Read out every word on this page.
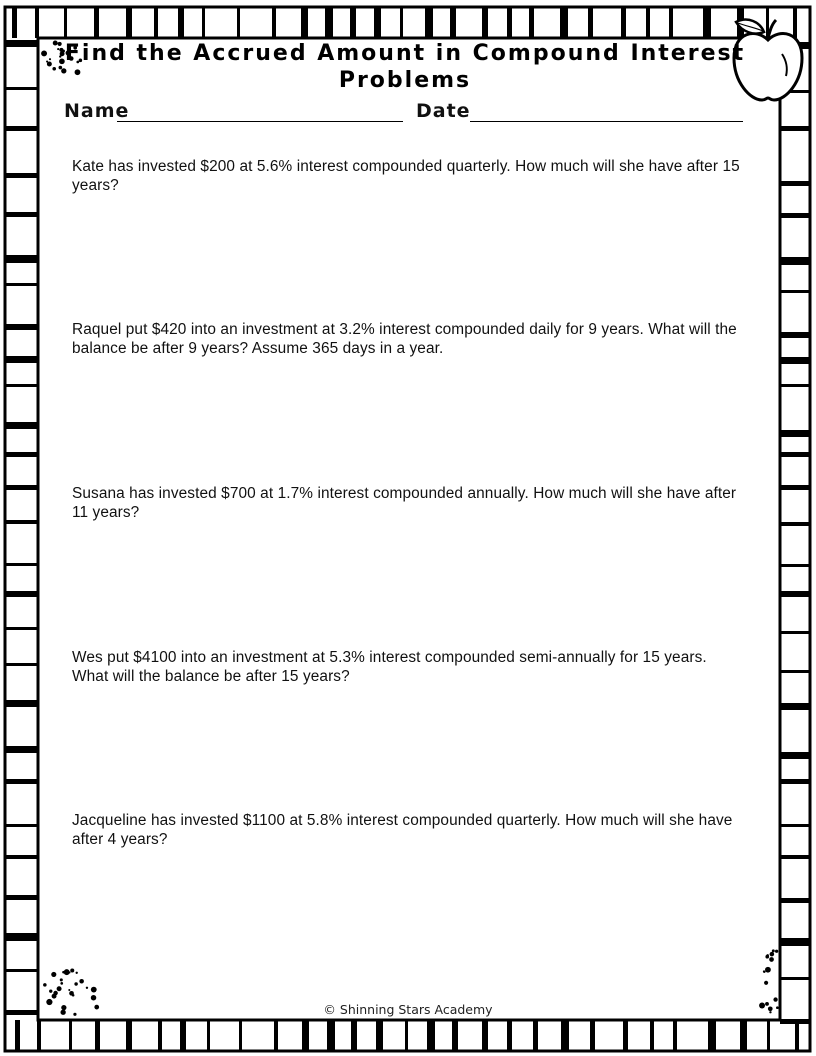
Find the Accrued Amount in Compound Interest Problems
Name	Date
Kate has invested $200 at 5.6% interest compounded quarterly. How much will she have after 15 years?
Raquel put $420 into an investment at 3.2% interest compounded daily for 9 years. What will the balance be after 9 years? Assume 365 days in a year.
Susana has invested $700 at 1.7% interest compounded annually. How much will she have after 11 years?
Wes put $4100 into an investment at 5.3% interest compounded semi-annually for 15 years. What will the balance be after 15 years?
Jacqueline has invested $1100 at 5.8% interest compounded quarterly. How much will she have after 4 years?
© Shinning Stars Academy
